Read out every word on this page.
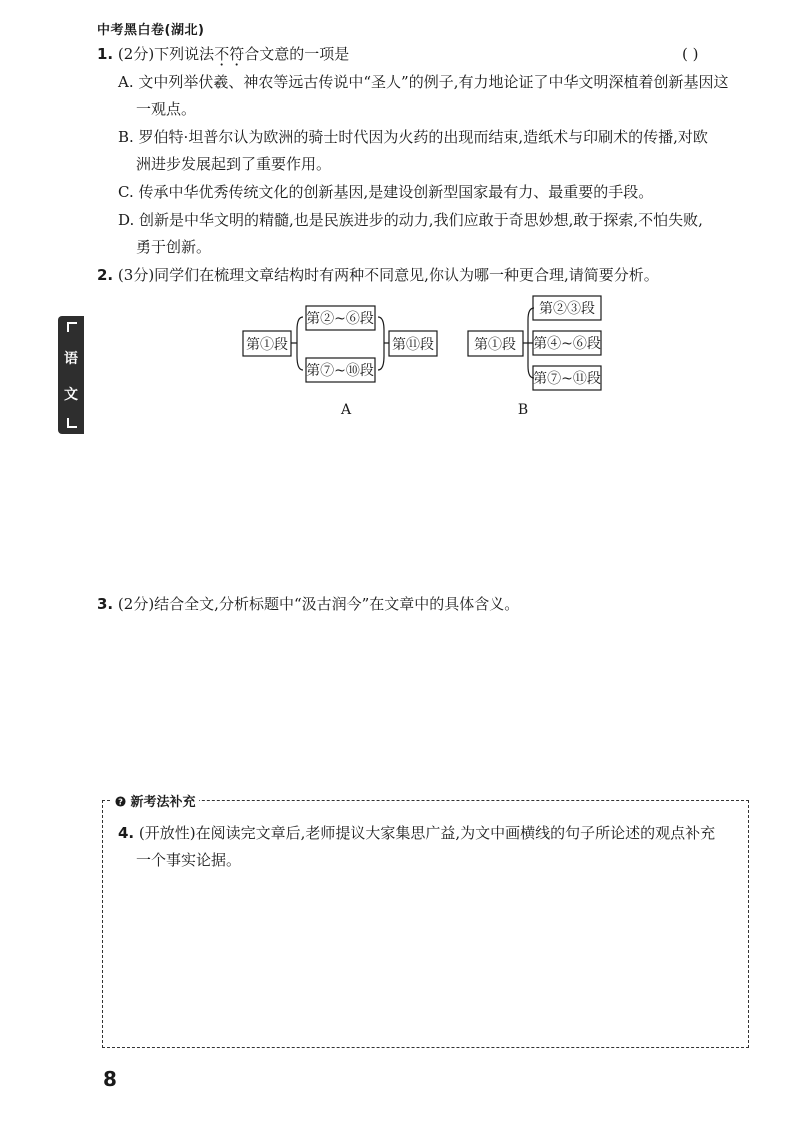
中考黑白卷(湖北)
1. (2分)下列说法不符合文意的一项是	( )
A. 文中列举伏羲、神农等远古传说中“圣人”的例子,有力地论证了中华文明深植着创新基因这
一观点。
B. 罗伯特·坦普尔认为欧洲的骑士时代因为火药的出现而结束,造纸术与印刷术的传播,对欧
洲进步发展起到了重要作用。
C. 传承中华优秀传统文化的创新基因,是建设创新型国家最有力、最重要的手段。
D. 创新是中华文明的精髓,也是民族进步的动力,我们应敢于奇思妙想,敢于探索,不怕失败,
勇于创新。
2. (3分)同学们在梳理文章结构时有两种不同意见,你认为哪一种更合理,请简要分析。
第①段
第②~⑥段
第⑦~⑩段
第⑪段
A
第①段
第②③段
第④~⑥段
第⑦~⑪段
B
语
文
3. (2分)结合全文,分析标题中“汲古润今”在文章中的具体含义。
? 新考法补充
4. (开放性)在阅读完文章后,老师提议大家集思广益,为文中画横线的句子所论述的观点补充
一个事实论据。
8
